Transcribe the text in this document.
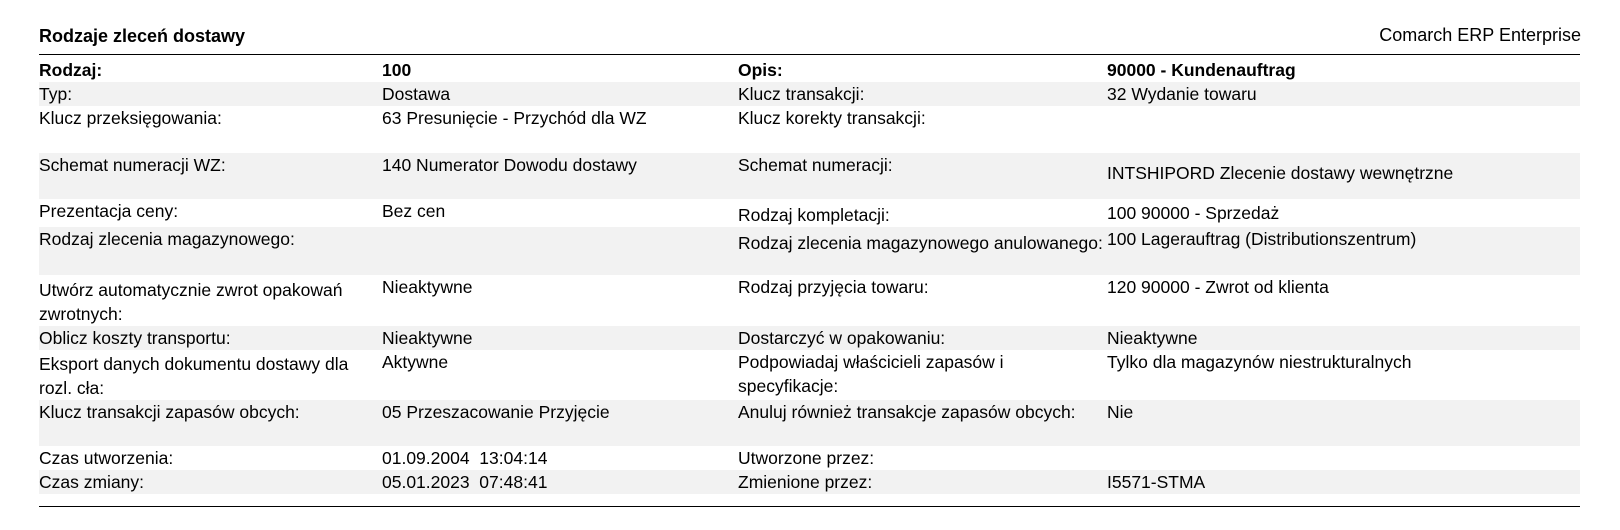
Rodzaje zleceń dostawy	Comarch ERP Enterprise
Rodzaj:	100	Opis:	90000 - Kundenauftrag
Typ:	Dostawa	Klucz transakcji:	32 Wydanie towaru
Klucz przeksięgowania:	63 Presunięcie - Przychód dla WZ	Klucz korekty transakcji:	
Schemat numeracji WZ:	140 Numerator Dowodu dostawy	Schemat numeracji:	INTSHIPORD Zlecenie dostawy wewnętrzne
Prezentacja ceny:	Bez cen	Rodzaj kompletacji:	100 90000 - Sprzedaż
Rodzaj zlecenia magazynowego:		Rodzaj zlecenia magazynowego anulowanego:	100 Lagerauftrag (Distributionszentrum)
Utwórz automatycznie zwrot opakowań zwrotnych:	Nieaktywne	Rodzaj przyjęcia towaru:	120 90000 - Zwrot od klienta
Oblicz koszty transportu:	Nieaktywne	Dostarczyć w opakowaniu:	Nieaktywne
Eksport danych dokumentu dostawy dla rozl. cła:	Aktywne	Podpowiadaj właścicieli zapasów i specyfikacje:	Tylko dla magazynów niestrukturalnych
Klucz transakcji zapasów obcych:	05 Przeszacowanie Przyjęcie	Anuluj również transakcje zapasów obcych:	Nie
Czas utworzenia:	01.09.2004  13:04:14	Utworzone przez:	
Czas zmiany:	05.01.2023  07:48:41	Zmienione przez:	I5571-STMA
